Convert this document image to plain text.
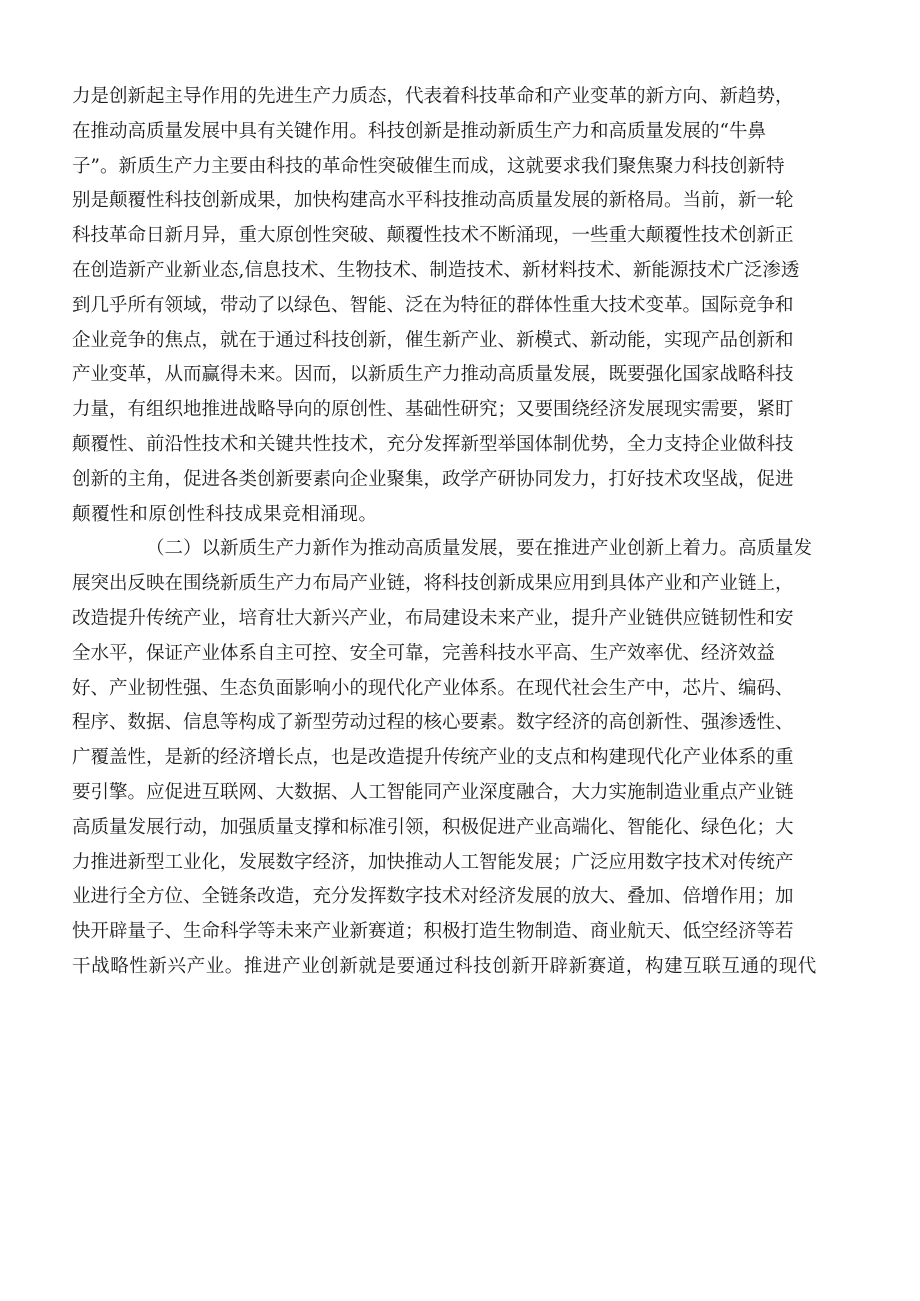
力是创新起主导作用的先进生产力质态，代表着科技革命和产业变革的新方向、新趋势，
在推动高质量发展中具有关键作用。科技创新是推动新质生产力和高质量发展的“牛鼻
子”。新质生产力主要由科技的革命性突破催生而成，这就要求我们聚焦聚力科技创新特
别是颠覆性科技创新成果，加快构建高水平科技推动高质量发展的新格局。当前，新一轮
科技革命日新月异，重大原创性突破、颠覆性技术不断涌现，一些重大颠覆性技术创新正
在创造新产业新业态,信息技术、生物技术、制造技术、新材料技术、新能源技术广泛渗透
到几乎所有领域，带动了以绿色、智能、泛在为特征的群体性重大技术变革。国际竞争和
企业竞争的焦点，就在于通过科技创新，催生新产业、新模式、新动能，实现产品创新和
产业变革，从而赢得未来。因而，以新质生产力推动高质量发展，既要强化国家战略科技
力量，有组织地推进战略导向的原创性、基础性研究；又要围绕经济发展现实需要，紧盯
颠覆性、前沿性技术和关键共性技术，充分发挥新型举国体制优势，全力支持企业做科技
创新的主角，促进各类创新要素向企业聚集，政学产研协同发力，打好技术攻坚战，促进
颠覆性和原创性科技成果竞相涌现。
（二）以新质生产力新作为推动高质量发展，要在推进产业创新上着力。高质量发
展突出反映在围绕新质生产力布局产业链，将科技创新成果应用到具体产业和产业链上，
改造提升传统产业，培育壮大新兴产业，布局建设未来产业，提升产业链供应链韧性和安
全水平，保证产业体系自主可控、安全可靠，完善科技水平高、生产效率优、经济效益
好、产业韧性强、生态负面影响小的现代化产业体系。在现代社会生产中，芯片、编码、
程序、数据、信息等构成了新型劳动过程的核心要素。数字经济的高创新性、强渗透性、
广覆盖性，是新的经济增长点，也是改造提升传统产业的支点和构建现代化产业体系的重
要引擎。应促进互联网、大数据、人工智能同产业深度融合，大力实施制造业重点产业链
高质量发展行动，加强质量支撑和标准引领，积极促进产业高端化、智能化、绿色化；大
力推进新型工业化，发展数字经济，加快推动人工智能发展；广泛应用数字技术对传统产
业进行全方位、全链条改造，充分发挥数字技术对经济发展的放大、叠加、倍增作用；加
快开辟量子、生命科学等未来产业新赛道；积极打造生物制造、商业航天、低空经济等若
干战略性新兴产业。推进产业创新就是要通过科技创新开辟新赛道，构建互联互通的现代
